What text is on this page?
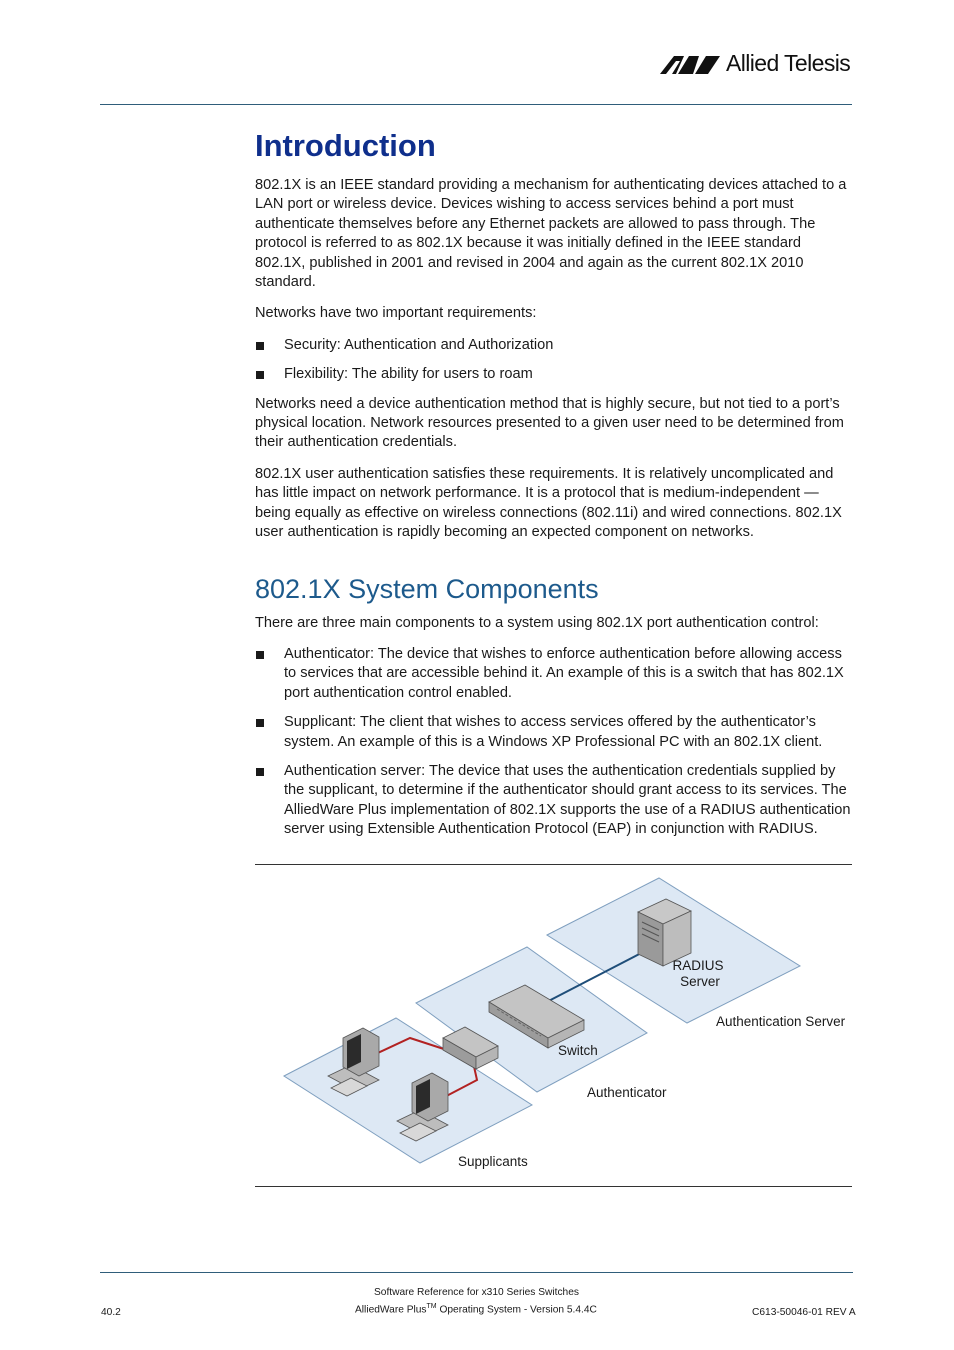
Allied Telesis
Introduction

802.1X is an IEEE standard providing a mechanism for authenticating devices attached to a LAN port or wireless device. Devices wishing to access services behind a port must authenticate themselves before any Ethernet packets are allowed to pass through. The protocol is referred to as 802.1X because it was initially defined in the IEEE standard 802.1X, published in 2001 and revised in 2004 and again as the current 802.1X 2010 standard.

Networks have two important requirements:

Security: Authentication and Authorization
Flexibility: The ability for users to roam

Networks need a device authentication method that is highly secure, but not tied to a port’s physical location. Network resources presented to a given user need to be determined from their authentication credentials.

802.1X user authentication satisfies these requirements. It is relatively uncomplicated and has little impact on network performance. It is a protocol that is medium-independent — being equally as effective on wireless connections (802.11i) and wired connections. 802.1X user authentication is rapidly becoming an expected component on networks.

802.1X System Components

There are three main components to a system using 802.1X port authentication control:

Authenticator: The device that wishes to enforce authentication before allowing access to services that are accessible behind it. An example of this is a switch that has 802.1X port authentication control enabled.
Supplicant: The client that wishes to access services offered by the authenticator’s system. An example of this is a Windows XP Professional PC with an 802.1X client.
Authentication server: The device that uses the authentication credentials supplied by the supplicant, to determine if the authenticator should grant access to its services. The AlliedWare Plus implementation of 802.1X supports the use of a RADIUS authentication server using Extensible Authentication Protocol (EAP) in conjunction with RADIUS.
RADIUS
Server
Authentication Server
Switch
Authenticator
Supplicants
Software Reference for x310 Series Switches
40.2	AlliedWare Plus™ Operating System - Version 5.4.4C	C613-50046-01 REV A
